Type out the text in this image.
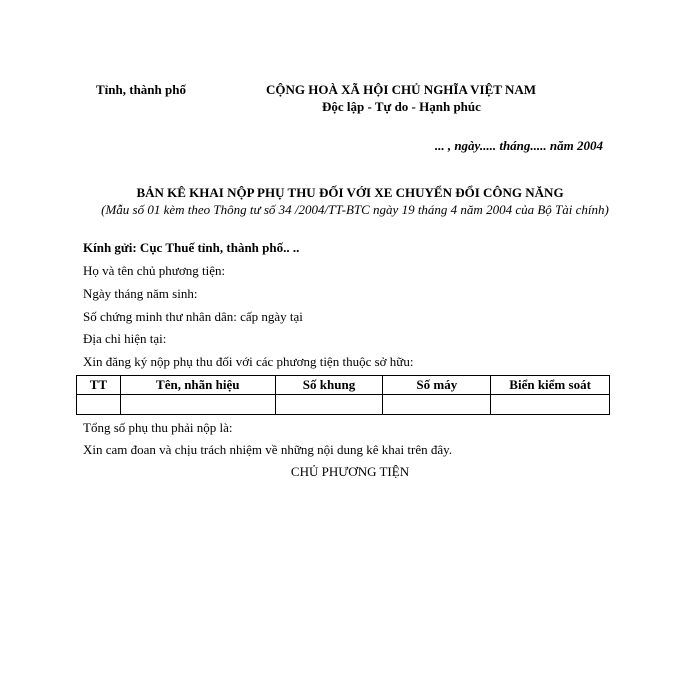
Tỉnh, thành phố	CỘNG HOÀ XÃ HỘI CHỦ NGHĨA VIỆT NAM
Độc lập - Tự do - Hạnh phúc
... , ngày..... tháng..... năm 2004
BẢN KÊ KHAI NỘP PHỤ THU ĐỐI VỚI XE CHUYỂN ĐỔI CÔNG NĂNG
(Mẫu số 01 kèm theo Thông tư số 34 /2004/TT-BTC ngày 19 tháng 4 năm 2004 của Bộ Tài chính)
Kính gửi: Cục Thuế tỉnh, thành phố.. ..
Họ và tên chủ phương tiện:
Ngày tháng năm sinh:
Số chứng minh thư nhân dân: cấp ngày tại
Địa chỉ hiện tại:
Xin đăng ký nộp phụ thu đối với các phương tiện thuộc sở hữu:
TT	Tên, nhãn hiệu	Số khung	Số máy	Biển kiểm soát

Tổng số phụ thu phải nộp là:
Xin cam đoan và chịu trách nhiệm về những nội dung kê khai trên đây.
CHỦ PHƯƠNG TIỆN
